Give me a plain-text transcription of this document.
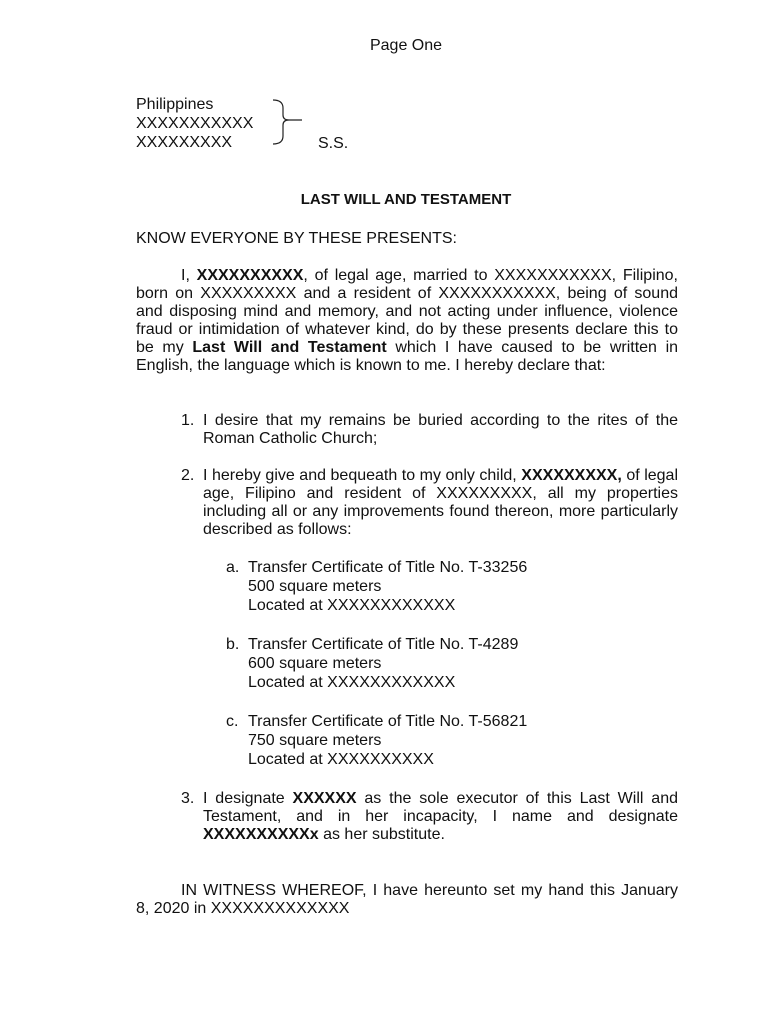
Page One
Philippines
XXXXXXXXXXX
XXXXXXXXX	S.S.
LAST WILL AND TESTAMENT
KNOW EVERYONE BY THESE PRESENTS:
I, XXXXXXXXXX, of legal age, married to XXXXXXXXXXX, Filipino, born on XXXXXXXXX and a resident of XXXXXXXXXXX, being of sound and disposing mind and memory, and not acting under influence, violence fraud or intimidation of whatever kind, do by these presents declare this to be my Last Will and Testament which I have caused to be written in English, the language which is known to me. I hereby declare that:
1. I desire that my remains be buried according to the rites of the Roman Catholic Church;
2. I hereby give and bequeath to my only child, XXXXXXXXX, of legal age, Filipino and resident of XXXXXXXXX, all my properties including all or any improvements found thereon, more particularly described as follows:
a. Transfer Certificate of Title No. T-33256
500 square meters
Located at XXXXXXXXXXXX
b. Transfer Certificate of Title No. T-4289
600 square meters
Located at XXXXXXXXXXXX
c. Transfer Certificate of Title No. T-56821
750 square meters
Located at XXXXXXXXXX
3. I designate XXXXXX as the sole executor of this Last Will and Testament, and in her incapacity, I name and designate XXXXXXXXXXx as her substitute.
IN WITNESS WHEREOF, I have hereunto set my hand this January 8, 2020 in XXXXXXXXXXXXX
